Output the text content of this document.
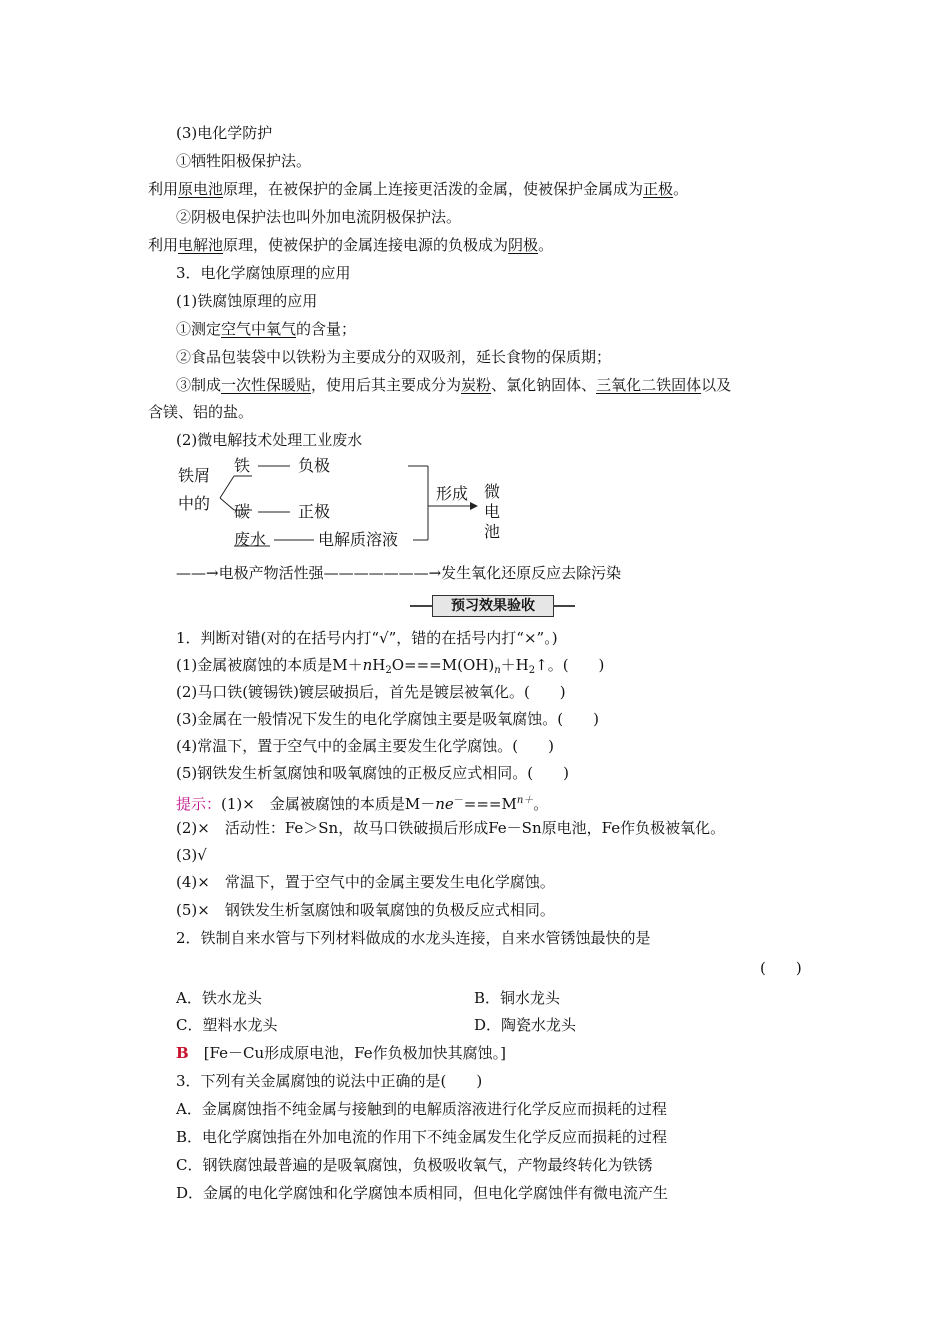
(3)电化学防护
①牺牲阳极保护法。
利用原电池原理，在被保护的金属上连接更活泼的金属，使被保护金属成为正极。
②阴极电保护法也叫外加电流阴极保护法。
利用电解池原理，使被保护的金属连接电源的负极成为阴极。
3．电化学腐蚀原理的应用
(1)铁腐蚀原理的应用
①测定空气中氧气的含量；
②食品包装袋中以铁粉为主要成分的双吸剂，延长食物的保质期；
③制成一次性保暖贴，使用后其主要成分为炭粉、氯化钠固体、三氧化二铁固体以及
含镁、铝的盐。
(2)微电解技术处理工业废水
铁屑
中的
铁	负极
碳	正极
废水	电解质溶液
形成 微
电
池
——→电极产物活性强———————→发生氧化还原反应去除污染
预习效果验收
1．判断对错(对的在括号内打“√”，错的在括号内打“×”。)
(1)金属被腐蚀的本质是$M+nH_2O===M(OH)_n+H_2↑$。(　　)
(2)马口铁(镀锡铁)镀层破损后，首先是镀层被氧化。(　　)
(3)金属在一般情况下发生的电化学腐蚀主要是吸氧腐蚀。(　　)
(4)常温下，置于空气中的金属主要发生化学腐蚀。(　　)
(5)钢铁发生析氢腐蚀和吸氧腐蚀的正极反应式相同。(　　)
提示：(1)×　金属被腐蚀的本质是$M-ne^-===M^{n+}$。
(2)×　活动性：Fe＞Sn，故马口铁破损后形成Fe－Sn原电池，Fe作负极被氧化。
(3)√
(4)×　常温下，置于空气中的金属主要发生电化学腐蚀。
(5)×　钢铁发生析氢腐蚀和吸氧腐蚀的负极反应式相同。
2．铁制自来水管与下列材料做成的水龙头连接，自来水管锈蚀最快的是
(　　)
A．铁水龙头	B．铜水龙头
C．塑料水龙头	D．陶瓷水龙头
B　 [Fe－Cu形成原电池，Fe作负极加快其腐蚀。]
3．下列有关金属腐蚀的说法中正确的是(　　)
A．金属腐蚀指不纯金属与接触到的电解质溶液进行化学反应而损耗的过程
B．电化学腐蚀指在外加电流的作用下不纯金属发生化学反应而损耗的过程
C．钢铁腐蚀最普遍的是吸氧腐蚀，负极吸收氧气，产物最终转化为铁锈
D．金属的电化学腐蚀和化学腐蚀本质相同，但电化学腐蚀伴有微电流产生
